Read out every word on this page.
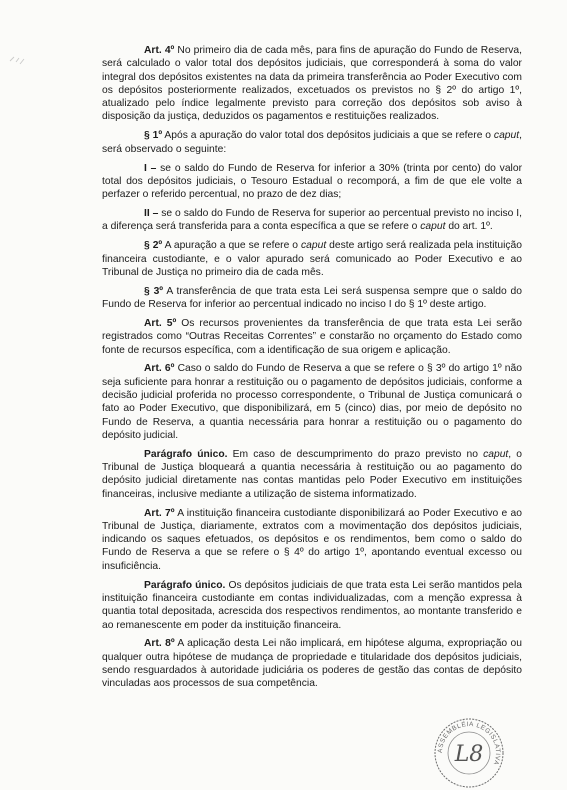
Art. 4º No primeiro dia de cada mês, para fins de apuração do Fundo de Reserva, será calculado o valor total dos depósitos judiciais, que corresponderá à soma do valor integral dos depósitos existentes na data da primeira transferência ao Poder Executivo com os depósitos posteriormente realizados, excetuados os previstos no § 2º do artigo 1º, atualizado pelo índice legalmente previsto para correção dos depósitos sob aviso à disposição da justiça, deduzidos os pagamentos e restituições realizados.

§ 1º Após a apuração do valor total dos depósitos judiciais a que se refere o caput, será observado o seguinte:

I – se o saldo do Fundo de Reserva for inferior a 30% (trinta por cento) do valor total dos depósitos judiciais, o Tesouro Estadual o recomporá, a fim de que ele volte a perfazer o referido percentual, no prazo de dez dias;

II – se o saldo do Fundo de Reserva for superior ao percentual previsto no inciso I, a diferença será transferida para a conta específica a que se refere o caput do art. 1º.

§ 2º A apuração a que se refere o caput deste artigo será realizada pela instituição financeira custodiante, e o valor apurado será comunicado ao Poder Executivo e ao Tribunal de Justiça no primeiro dia de cada mês.

§ 3º A transferência de que trata esta Lei será suspensa sempre que o saldo do Fundo de Reserva for inferior ao percentual indicado no inciso I do § 1º deste artigo.

Art. 5º Os recursos provenientes da transferência de que trata esta Lei serão registrados como “Outras Receitas Correntes” e constarão no orçamento do Estado como fonte de recursos específica, com a identificação de sua origem e aplicação.

Art. 6º Caso o saldo do Fundo de Reserva a que se refere o § 3º do artigo 1º não seja suficiente para honrar a restituição ou o pagamento de depósitos judiciais, conforme a decisão judicial proferida no processo correspondente, o Tribunal de Justiça comunicará o fato ao Poder Executivo, que disponibilizará, em 5 (cinco) dias, por meio de depósito no Fundo de Reserva, a quantia necessária para honrar a restituição ou o pagamento do depósito judicial.

Parágrafo único. Em caso de descumprimento do prazo previsto no caput, o Tribunal de Justiça bloqueará a quantia necessária à restituição ou ao pagamento do depósito judicial diretamente nas contas mantidas pelo Poder Executivo em instituições financeiras, inclusive mediante a utilização de sistema informatizado.

Art. 7º A instituição financeira custodiante disponibilizará ao Poder Executivo e ao Tribunal de Justiça, diariamente, extratos com a movimentação dos depósitos judiciais, indicando os saques efetuados, os depósitos e os rendimentos, bem como o saldo do Fundo de Reserva a que se refere o § 4º do artigo 1º, apontando eventual excesso ou insuficiência.

Parágrafo único. Os depósitos judiciais de que trata esta Lei serão mantidos pela instituição financeira custodiante em contas individualizadas, com a menção expressa à quantia total depositada, acrescida dos respectivos rendimentos, ao montante transferido e ao remanescente em poder da instituição financeira.

Art. 8º A aplicação desta Lei não implicará, em hipótese alguma, expropriação ou qualquer outra hipótese de mudança de propriedade e titularidade dos depósitos judiciais, sendo resguardados à autoridade judiciária os poderes de gestão das contas de depósito vinculadas aos processos de sua competência.

ASSEMBLÉIA LEGISLATIVA
L8
